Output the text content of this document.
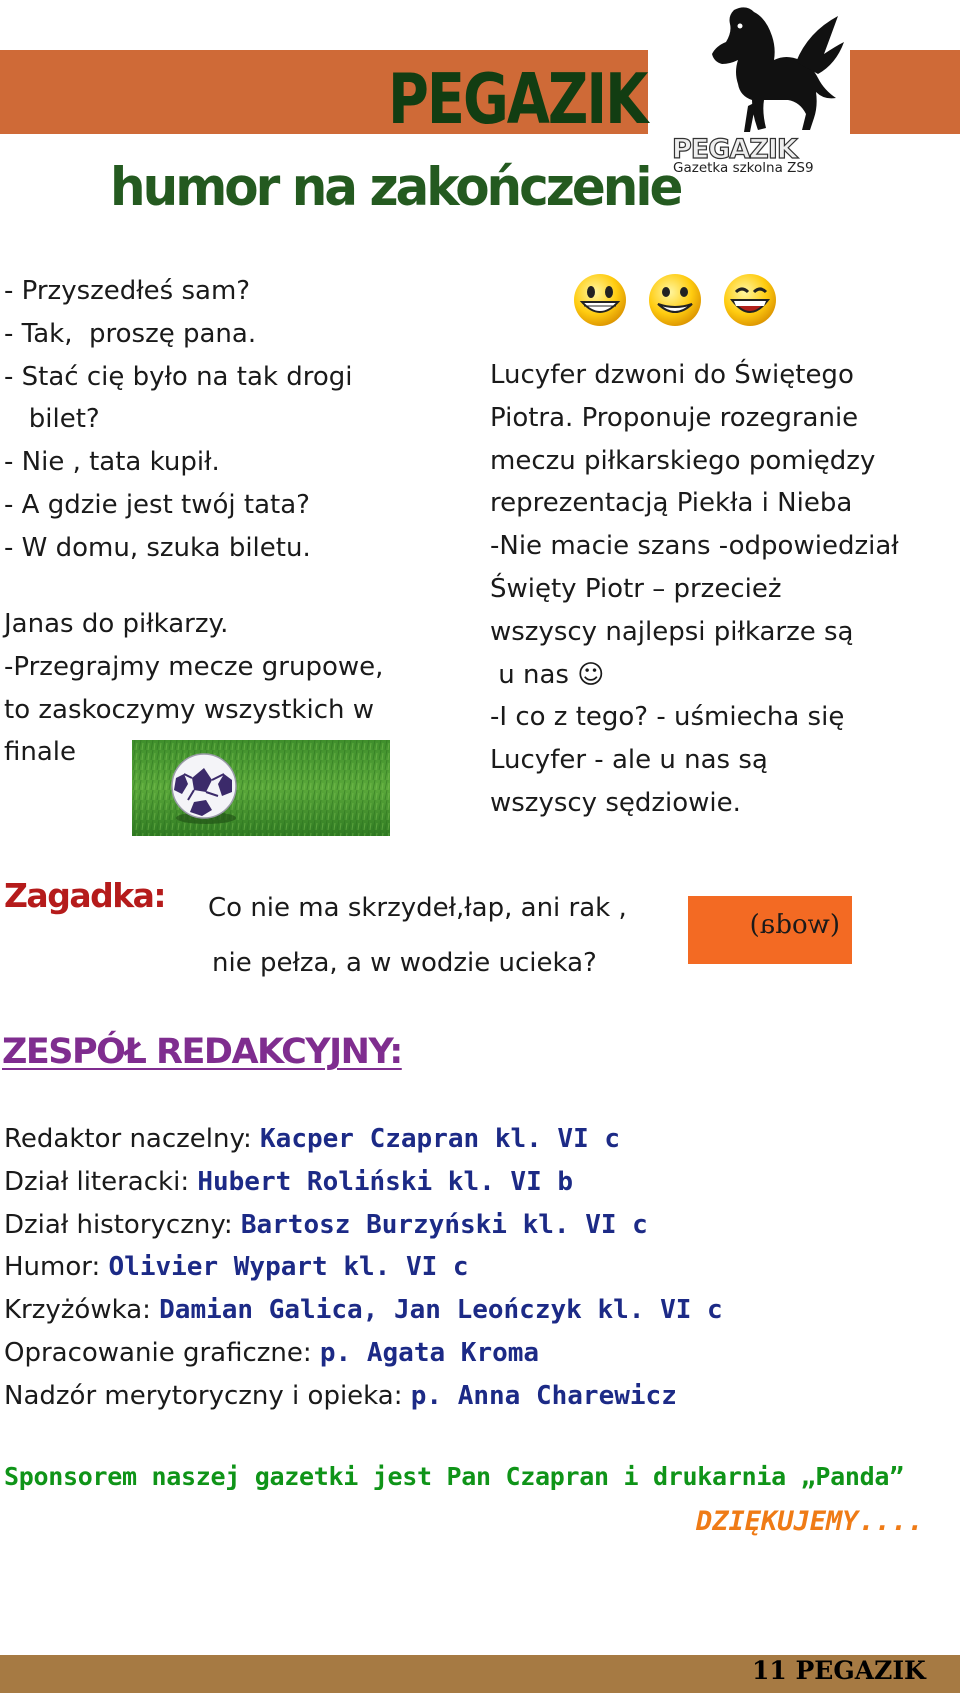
PEGAZIK
humor na zakończenie
PEGAZIK
Gazetka szkolna ZS9
- Przyszedłeś sam?
- Tak,  proszę pana.
- Stać cię było na tak drogi
bilet?
- Nie , tata kupił.
- A gdzie jest twój tata?
- W domu, szuka biletu.
Janas do piłkarzy.
-Przegrajmy mecze grupowe,
to zaskoczymy wszystkich w
finale
Lucyfer dzwoni do Świętego
Piotra. Proponuje rozegranie
meczu piłkarskiego pomiędzy
reprezentacją Piekła i Nieba
-Nie macie szans -odpowiedział
Święty Piotr – przecież
wszyscy najlepsi piłkarze są
u nas ☺
-I co z tego? - uśmiecha się
Lucyfer - ale u nas są
wszyscy sędziowie.
Zagadka: Co nie ma skrzydeł,łap, ani rak ,
nie pełza, a w wodzie ucieka?
(woda)
ZESPÓŁ REDAKCYJNY:
Redaktor naczelny: Kacper Czapran kl. VI c
Dział literacki: Hubert Roliński kl. VI b
Dział historyczny: Bartosz Burzyński kl. VI c
Humor: Olivier Wypart kl. VI c
Krzyżówka: Damian Galica, Jan Leończyk kl. VI c
Opracowanie graficzne: p. Agata Kroma
Nadzór merytoryczny i opieka: p. Anna Charewicz
Sponsorem naszej gazetki jest Pan Czapran i drukarnia „Panda”
DZIĘKUJEMY....
11 PEGAZIK
